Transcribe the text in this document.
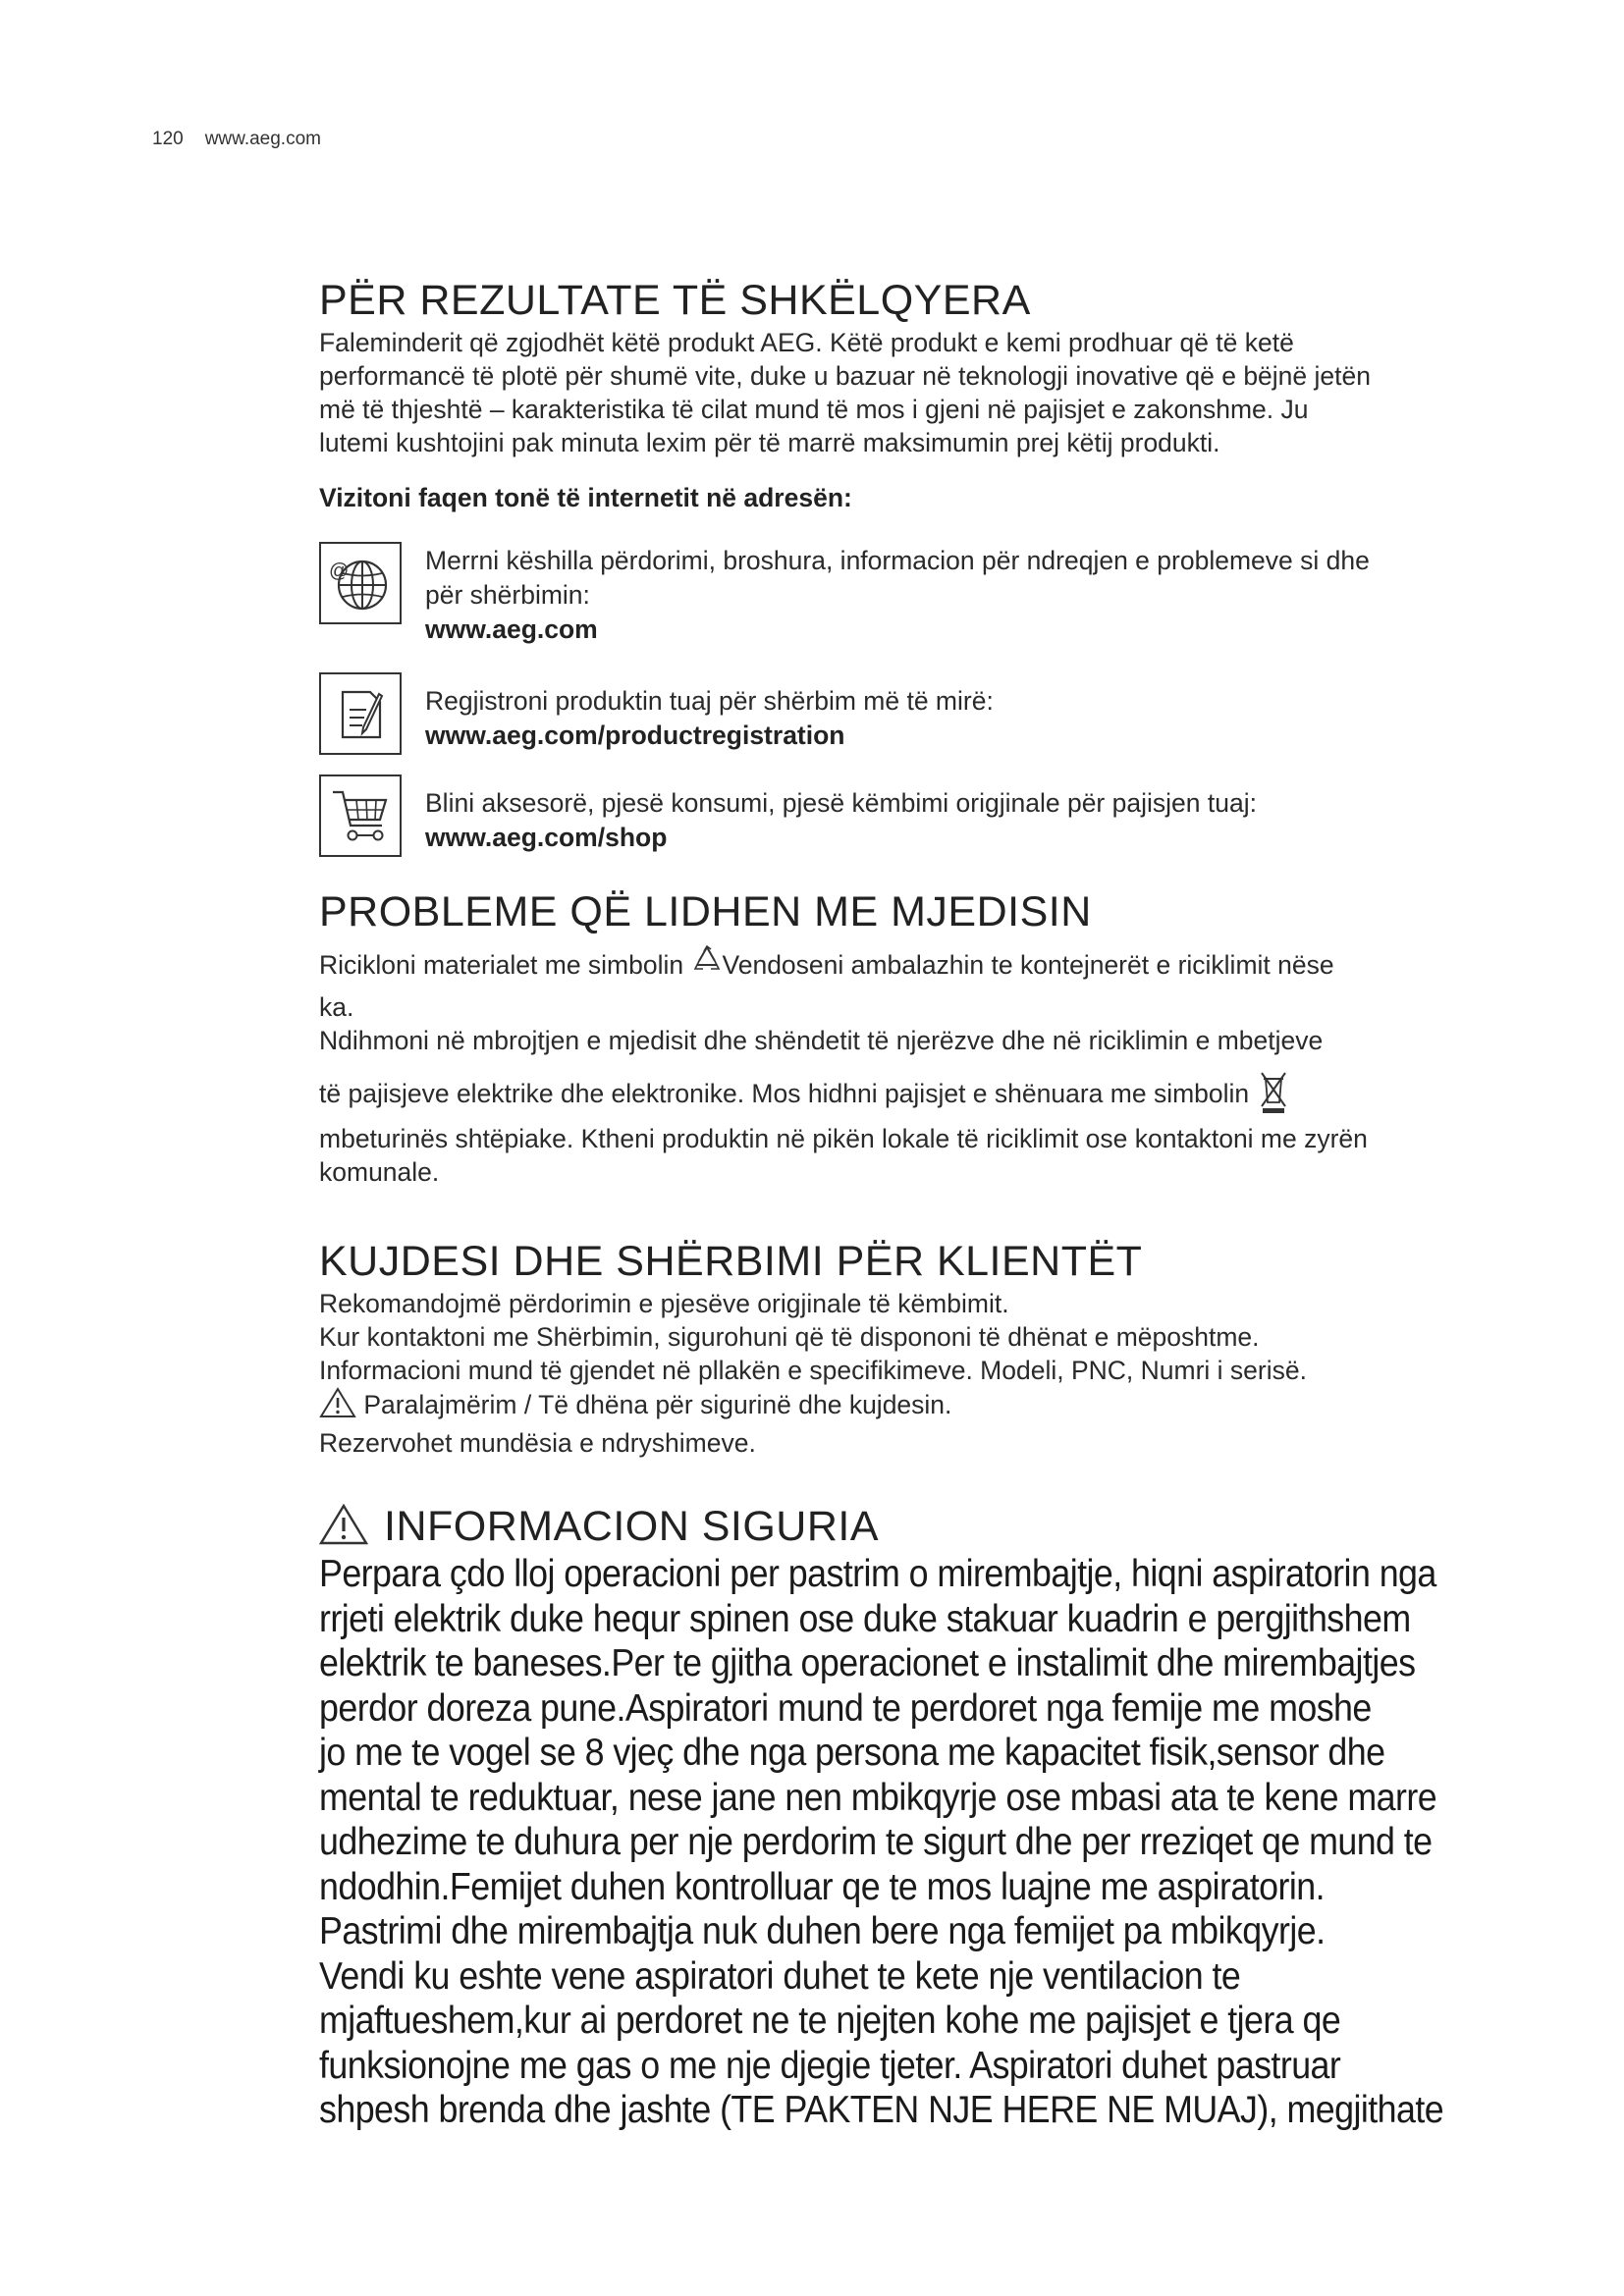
120 www.aeg.com
PËR REZULTATE TË SHKËLQYERA

Faleminderit që zgjodhët këtë produkt AEG. Këtë produkt e kemi prodhuar që të ketë

performancë të plotë për shumë vite, duke u bazuar në teknologji inovative që e bëjnë jetën

më të thjeshtë – karakteristika të cilat mund të mos i gjeni në pajisjet e zakonshme. Ju

lutemi kushtojini pak minuta lexim për të marrë maksimumin prej këtij produkti.

Vizitoni faqen tonë të internetit në adresën:

@	Merrni këshilla përdorimi, broshura, informacion për ndreqjen e problemeve si dhe
për shërbimin:
www.aeg.com
Regjistroni produktin tuaj për shërbim më të mirë:
www.aeg.com/productregistration
Blini aksesorë, pjesë konsumi, pjesë këmbimi origjinale për pajisjen tuaj:
www.aeg.com/shop
PROBLEME QË LIDHEN ME MJEDISIN

Ricikloni materialet me simbolin Vendoseni ambalazhin te kontejnerët e riciklimit nëse

ka.

Ndihmoni në mbrojtjen e mjedisit dhe shëndetit të njerëzve dhe në riciklimin e mbetjeve

të pajisjeve elektrike dhe elektronike. Mos hidhni pajisjet e shënuara me simbolin

mbeturinës shtëpiake. Ktheni produktin në pikën lokale të riciklimit ose kontaktoni me zyrën

komunale.

KUJDESI DHE SHËRBIMI PËR KLIENTËT

Rekomandojmë përdorimin e pjesëve origjinale të këmbimit.

Kur kontaktoni me Shërbimin, sigurohuni që të dispononi të dhënat e mëposhtme.

Informacioni mund të gjendet në pllakën e specifikimeve. Modeli, PNC, Numri i serisë.

Paralajmërim / Të dhëna për sigurinë dhe kujdesin.

Rezervohet mundësia e ndryshimeve.

INFORMACION SIGURIA
Perpara çdo lloj operacioni per pastrim o mirembajtje, hiqni aspiratorin nga
rrjeti elektrik duke hequr spinen ose duke stakuar kuadrin e pergjithshem
elektrik te baneses.Per te gjitha operacionet e instalimit dhe mirembajtjes
perdor doreza pune.Aspiratori mund te perdoret nga femije me moshe
jo me te vogel se 8 vjeç dhe nga persona me kapacitet fisik,sensor dhe
mental te reduktuar, nese jane nen mbikqyrje ose mbasi ata te kene marre
udhezime te duhura per nje perdorim te sigurt dhe per rreziqet qe mund te
ndodhin.Femijet duhen kontrolluar qe te mos luajne me aspiratorin.
Pastrimi dhe mirembajtja nuk duhen bere nga femijet pa mbikqyrje.
Vendi ku eshte vene aspiratori duhet te kete nje ventilacion te
mjaftueshem,kur ai perdoret ne te njejten kohe me pajisjet e tjera qe
funksionojne me gas o me nje djegie tjeter. Aspiratori duhet pastruar
shpesh brenda dhe jashte (TE PAKTEN NJE HERE NE MUAJ), megjithate
